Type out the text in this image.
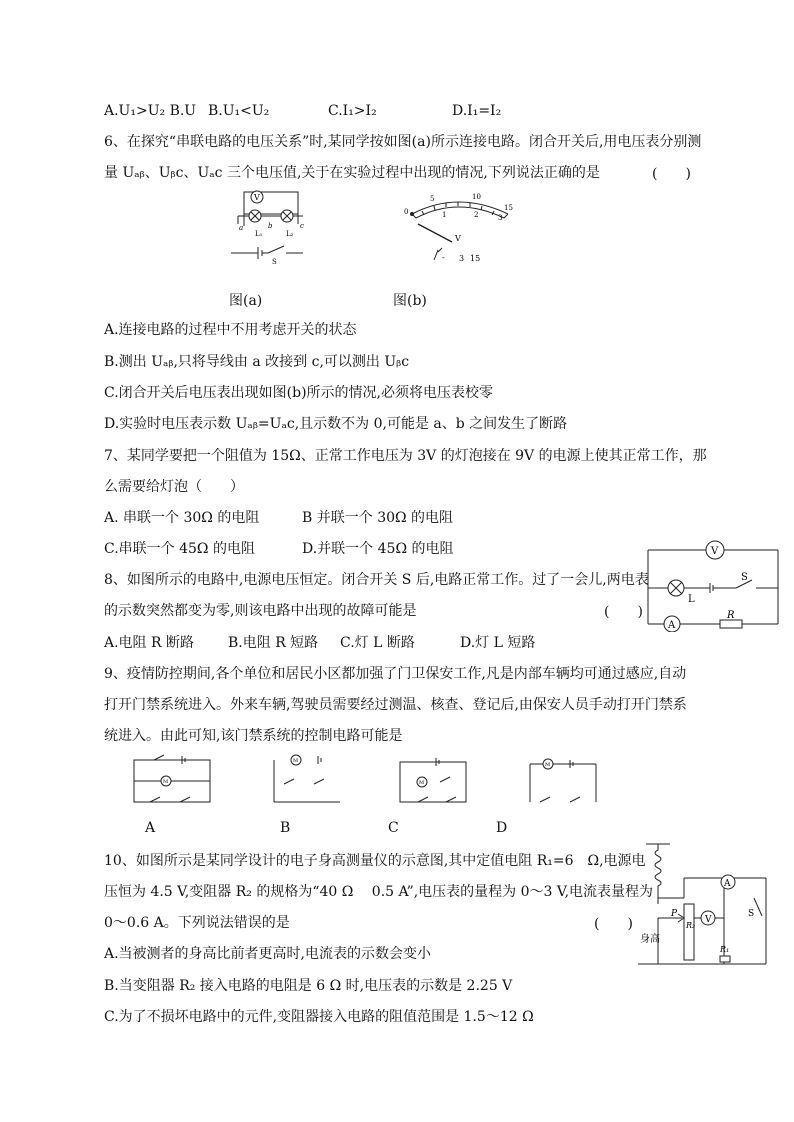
A.U₁>U₂ B.U B.U₁<U₂	C.I₁>I₂	D.I₁=I₂
6、在探究“串联电路的电压关系”时,某同学按如图(a)所示连接电路。闭合开关后,用电压表分别测
量 Uₐᵦ、Uᵦc、Uₐc 三个电压值,关于在实验过程中出现的情况,下列说法正确的是	(　　)
V
a
L₁
b
L₂
c
S
0
5
1
10
2
15
3
V
- 3 15
图(a)	图(b)
A.连接电路的过程中不用考虑开关的状态
B.测出 Uₐᵦ,只将导线由 a 改接到 c,可以测出 Uᵦc
C.闭合开关后电压表出现如图(b)所示的情况,必须将电压表校零
D.实验时电压表示数 Uₐᵦ=Uₐc,且示数不为 0,可能是 a、b 之间发生了断路
7、某同学要把一个阻值为 15Ω、正常工作电压为 3V 的灯泡接在 9V 的电源上使其正常工作，那
么需要给灯泡（　　）
A. 串联一个 30Ω 的电阻	B 并联一个 30Ω 的电阻
C.串联一个 45Ω 的电阻	D.并联一个 45Ω 的电阻	V
S
L
A
R
8、如图所示的电路中,电源电压恒定。闭合开关 S 后,电路正常工作。过了一会儿,两电表
的示数突然都变为零,则该电路中出现的故障可能是	(　　)
A.电阻 R 断路 B.电阻 R 短路 C.灯 L 断路	D.灯 L 短路
9、疫情防控期间,各个单位和居民小区都加强了门卫保安工作,凡是内部车辆均可通过感应,自动
打开门禁系统进入。外来车辆,驾驶员需要经过测温、核查、登记后,由保安人员手动打开门禁系
统进入。由此可知,该门禁系统的控制电路可能是
M
M
M
M
A	B	C	D
A
V
S
P
R₂
R₁
身高
10、如图所示是某同学设计的电子身高测量仪的示意图,其中定值电阻 R₁=6　Ω,电源电
压恒为 4.5 V,变阻器 R₂ 的规格为“40 Ω　 0.5 A”,电压表的量程为 0～3 V,电流表量程为
0～0.6 A。下列说法错误的是	(　　)
A.当被测者的身高比前者更高时,电流表的示数会变小
B.当变阻器 R₂ 接入电路的电阻是 6 Ω 时,电压表的示数是 2.25 V
C.为了不损坏电路中的元件,变阻器接入电路的阻值范围是 1.5～12 Ω
